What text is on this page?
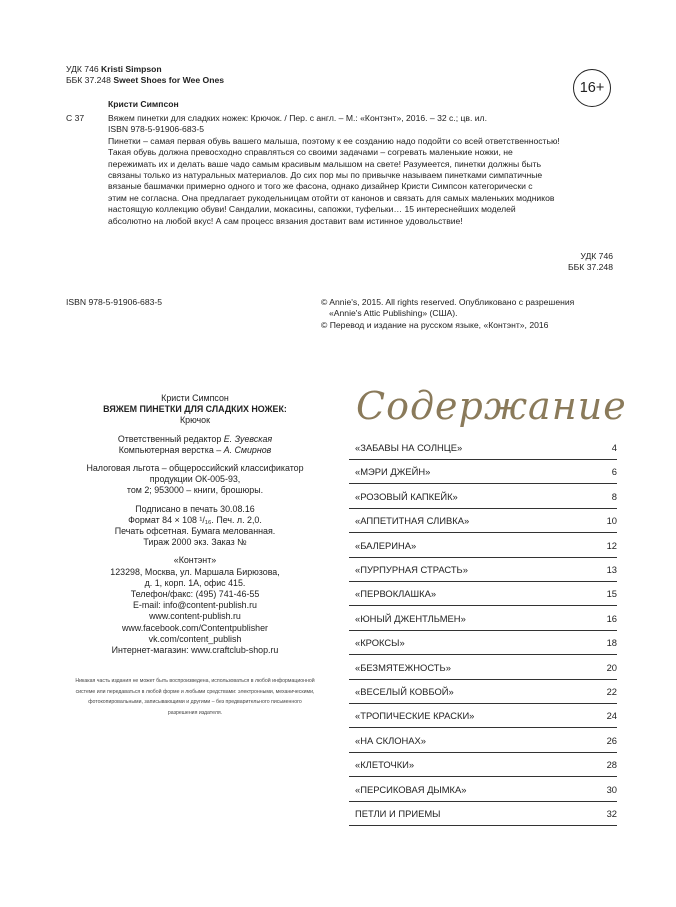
УДК 746 Kristi Simpson
ББК 37.248 Sweet Shoes for Wee Ones	16+
Кристи Симпсон
С 37	Вяжем пинетки для сладких ножек: Крючок. / Пер. с англ. – М.: «Контэнт», 2016. – 32 с.; цв. ил.
ISBN 978-5-91906-683-5
Пинетки – самая первая обувь вашего малыша, поэтому к ее созданию надо подойти со всей ответственностью!
Такая обувь должна превосходно справляться со своими задачами – согревать маленькие ножки, не
пережимать их и делать ваше чадо самым красивым малышом на свете! Разумеется, пинетки должны быть
связаны только из натуральных материалов. До сих пор мы по привычке называем пинетками симпатичные
вязаные башмачки примерно одного и того же фасона, однако дизайнер Кристи Симпсон категорически с
этим не согласна. Она предлагает рукодельницам отойти от канонов и связать для самых маленьких модников
настоящую коллекцию обуви! Сандалии, мокасины, сапожки, туфельки… 15 интереснейших моделей
абсолютно на любой вкус! А сам процесс вязания доставит вам истинное удовольствие!
УДК 746
ББК 37.248
ISBN 978-5-91906-683-5	© Annie's, 2015. All rights reserved. Опубликовано с разрешения
«Annie's Attic Publishing» (США).
© Перевод и издание на русском языке, «Контэнт», 2016
Кристи Симпсон
ВЯЖЕМ ПИНЕТКИ ДЛЯ СЛАДКИХ НОЖЕК:
Крючок
Ответственный редактор Е. Зуевская
Компьютерная верстка – А. Смирнов
Налоговая льгота – общероссийский классификатор
продукции ОК-005-93,
том 2; 953000 – книги, брошюры.
Подписано в печать 30.08.16
Формат 84 × 108 ¹/₁₆. Печ. л. 2,0.
Печать офсетная. Бумага мелованная.
Тираж 2000 экз. Заказ №
«Контэнт»
123298, Москва, ул. Маршала Бирюзова,
д. 1, корп. 1А, офис 415.
Телефон/факс: (495) 741-46-55
E-mail: info@content-publish.ru
www.content-publish.ru
www.facebook.com/Contentpublisher
vk.com/content_publish
Интернет-магазин: www.craftclub-shop.ru
Никакая часть издания не может быть воспроизведена, использоваться в любой информационной
системе или передаваться в любой форме и любыми средствами: электронными, механическими,
фотокопировальными, записывающими и другими – без предварительного письменного
разрешения издателя.
Содержание
«ЗАБАВЫ НА СОЛНЦЕ»	4
«МЭРИ ДЖЕЙН»	6
«РОЗОВЫЙ КАПКЕЙК»	8
«АППЕТИТНАЯ СЛИВКА»	10
«БАЛЕРИНА»	12
«ПУРПУРНАЯ СТРАСТЬ»	13
«ПЕРВОКЛАШКА»	15
«ЮНЫЙ ДЖЕНТЛЬМЕН»	16
«КРОКСЫ»	18
«БЕЗМЯТЕЖНОСТЬ»	20
«ВЕСЕЛЫЙ КОВБОЙ»	22
«ТРОПИЧЕСКИЕ КРАСКИ»	24
«НА СКЛОНАХ»	26
«КЛЕТОЧКИ»	28
«ПЕРСИКОВАЯ ДЫМКА»	30
ПЕТЛИ И ПРИЕМЫ	32
